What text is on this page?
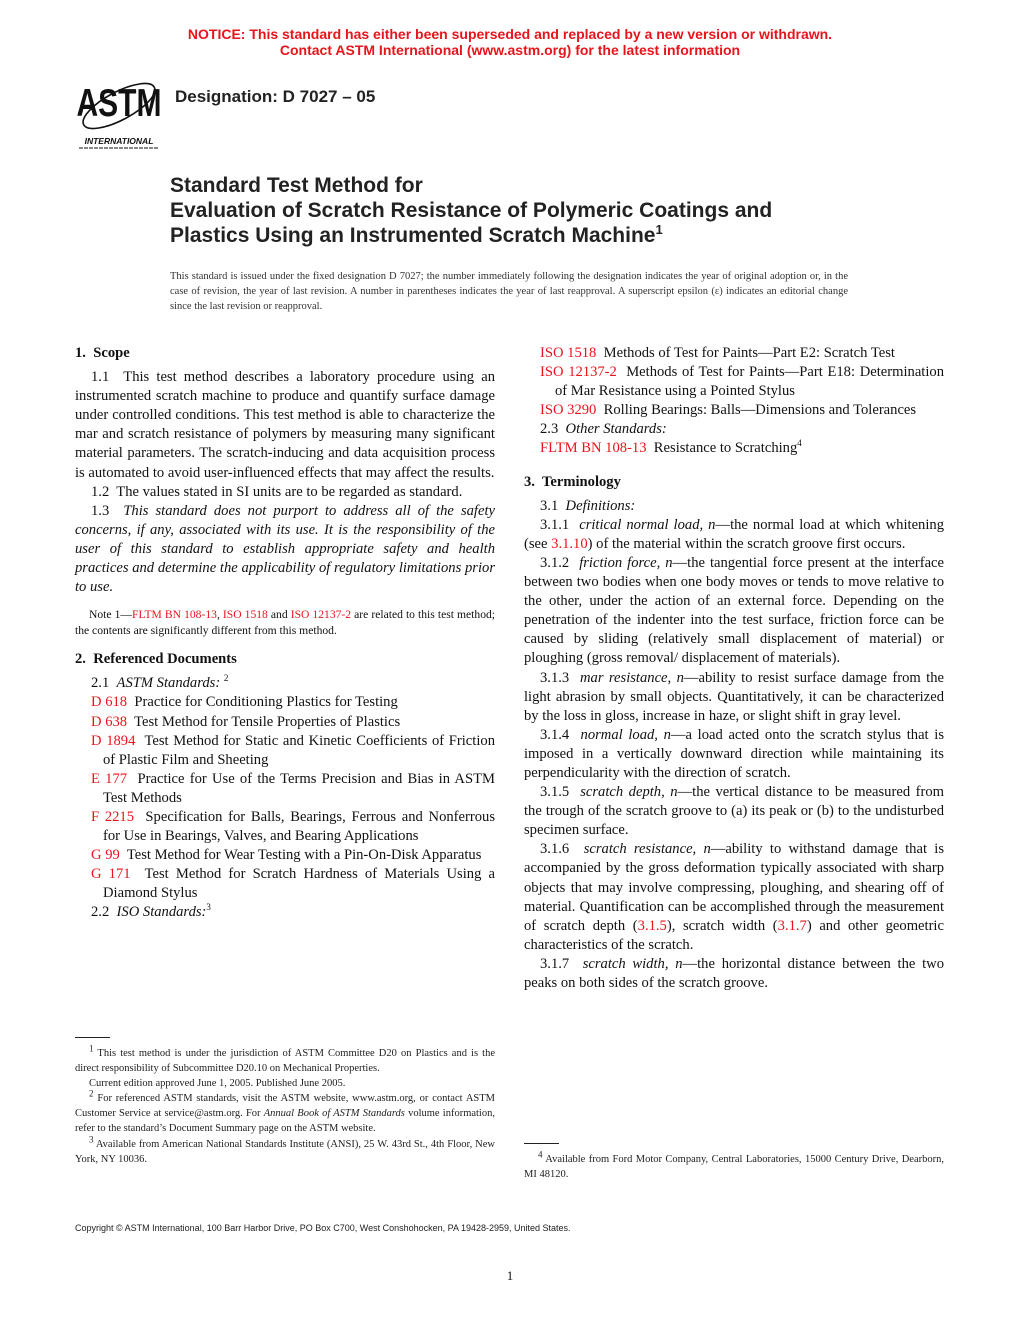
NOTICE: This standard has either been superseded and replaced by a new version or withdrawn.
Contact ASTM International (www.astm.org) for the latest information
ASTM
INTERNATIONAL
Designation: D 7027 – 05
Standard Test Method for
Evaluation of Scratch Resistance of Polymeric Coatings and
Plastics Using an Instrumented Scratch Machine$^1$
This standard is issued under the fixed designation D 7027; the number immediately following the designation indicates the year of original adoption or, in the case of revision, the year of last revision. A number in parentheses indicates the year of last reapproval. A superscript epsilon (ε) indicates an editorial change since the last revision or reapproval.
1.  Scope

1.1  This test method describes a laboratory procedure using an instrumented scratch machine to produce and quantify surface damage under controlled conditions. This test method is able to characterize the mar and scratch resistance of polymers by measuring many significant material parameters. The scratch-inducing and data acquisition process is automated to avoid user-influenced effects that may affect the results.

1.2  The values stated in SI units are to be regarded as standard.

1.3  This standard does not purport to address all of the safety concerns, if any, associated with its use. It is the responsibility of the user of this standard to establish appropriate safety and health practices and determine the applicability of regulatory limitations prior to use.

Note 1—FLTM BN 108-13, ISO 1518 and ISO 12137-2 are related to this test method; the contents are significantly different from this method.

2.  Referenced Documents

2.1  ASTM Standards: $^2$

D 618  Practice for Conditioning Plastics for Testing

D 638  Test Method for Tensile Properties of Plastics

D 1894  Test Method for Static and Kinetic Coefficients of Friction of Plastic Film and Sheeting

E 177  Practice for Use of the Terms Precision and Bias in ASTM Test Methods

F 2215  Specification for Balls, Bearings, Ferrous and Nonferrous for Use in Bearings, Valves, and Bearing Applications

G 99  Test Method for Wear Testing with a Pin-On-Disk Apparatus

G 171  Test Method for Scratch Hardness of Materials Using a Diamond Stylus

2.2  ISO Standards:$^3$

ISO 1518  Methods of Test for Paints—Part E2: Scratch Test

ISO 12137-2  Methods of Test for Paints—Part E18: Determination of Mar Resistance using a Pointed Stylus

ISO 3290  Rolling Bearings: Balls—Dimensions and Tolerances

2.3  Other Standards:

FLTM BN 108-13  Resistance to Scratching$^4$

3.  Terminology

3.1  Definitions:

3.1.1  critical normal load, n—the normal load at which whitening (see 3.1.10) of the material within the scratch groove first occurs.

3.1.2  friction force, n—the tangential force present at the interface between two bodies when one body moves or tends to move relative to the other, under the action of an external force. Depending on the penetration of the indenter into the test surface, friction force can be caused by sliding (relatively small displacement of material) or ploughing (gross removal/ displacement of materials).

3.1.3  mar resistance, n—ability to resist surface damage from the light abrasion by small objects. Quantitatively, it can be characterized by the loss in gloss, increase in haze, or slight shift in gray level.

3.1.4  normal load, n—a load acted onto the scratch stylus that is imposed in a vertically downward direction while maintaining its perpendicularity with the direction of scratch.

3.1.5  scratch depth, n—the vertical distance to be measured from the trough of the scratch groove to (a) its peak or (b) to the undisturbed specimen surface.

3.1.6  scratch resistance, n—ability to withstand damage that is accompanied by the gross deformation typically associated with sharp objects that may involve compressing, ploughing, and shearing off of material. Quantification can be accomplished through the measurement of scratch depth (3.1.5), scratch width (3.1.7) and other geometric characteristics of the scratch.

3.1.7  scratch width, n—the horizontal distance between the two peaks on both sides of the scratch groove.

$^1$ This test method is under the jurisdiction of ASTM Committee D20 on Plastics and is the direct responsibility of Subcommittee D20.10 on Mechanical Properties.

Current edition approved June 1, 2005. Published June 2005.

$^2$ For referenced ASTM standards, visit the ASTM website, www.astm.org, or contact ASTM Customer Service at service@astm.org. For Annual Book of ASTM Standards volume information, refer to the standard’s Document Summary page on the ASTM website.

$^3$ Available from American National Standards Institute (ANSI), 25 W. 43rd St., 4th Floor, New York, NY 10036.	$^4$ Available from Ford Motor Company, Central Laboratories, 15000 Century Drive, Dearborn, MI 48120.

Copyright © ASTM International, 100 Barr Harbor Drive, PO Box C700, West Conshohocken, PA 19428-2959, United States.
1
